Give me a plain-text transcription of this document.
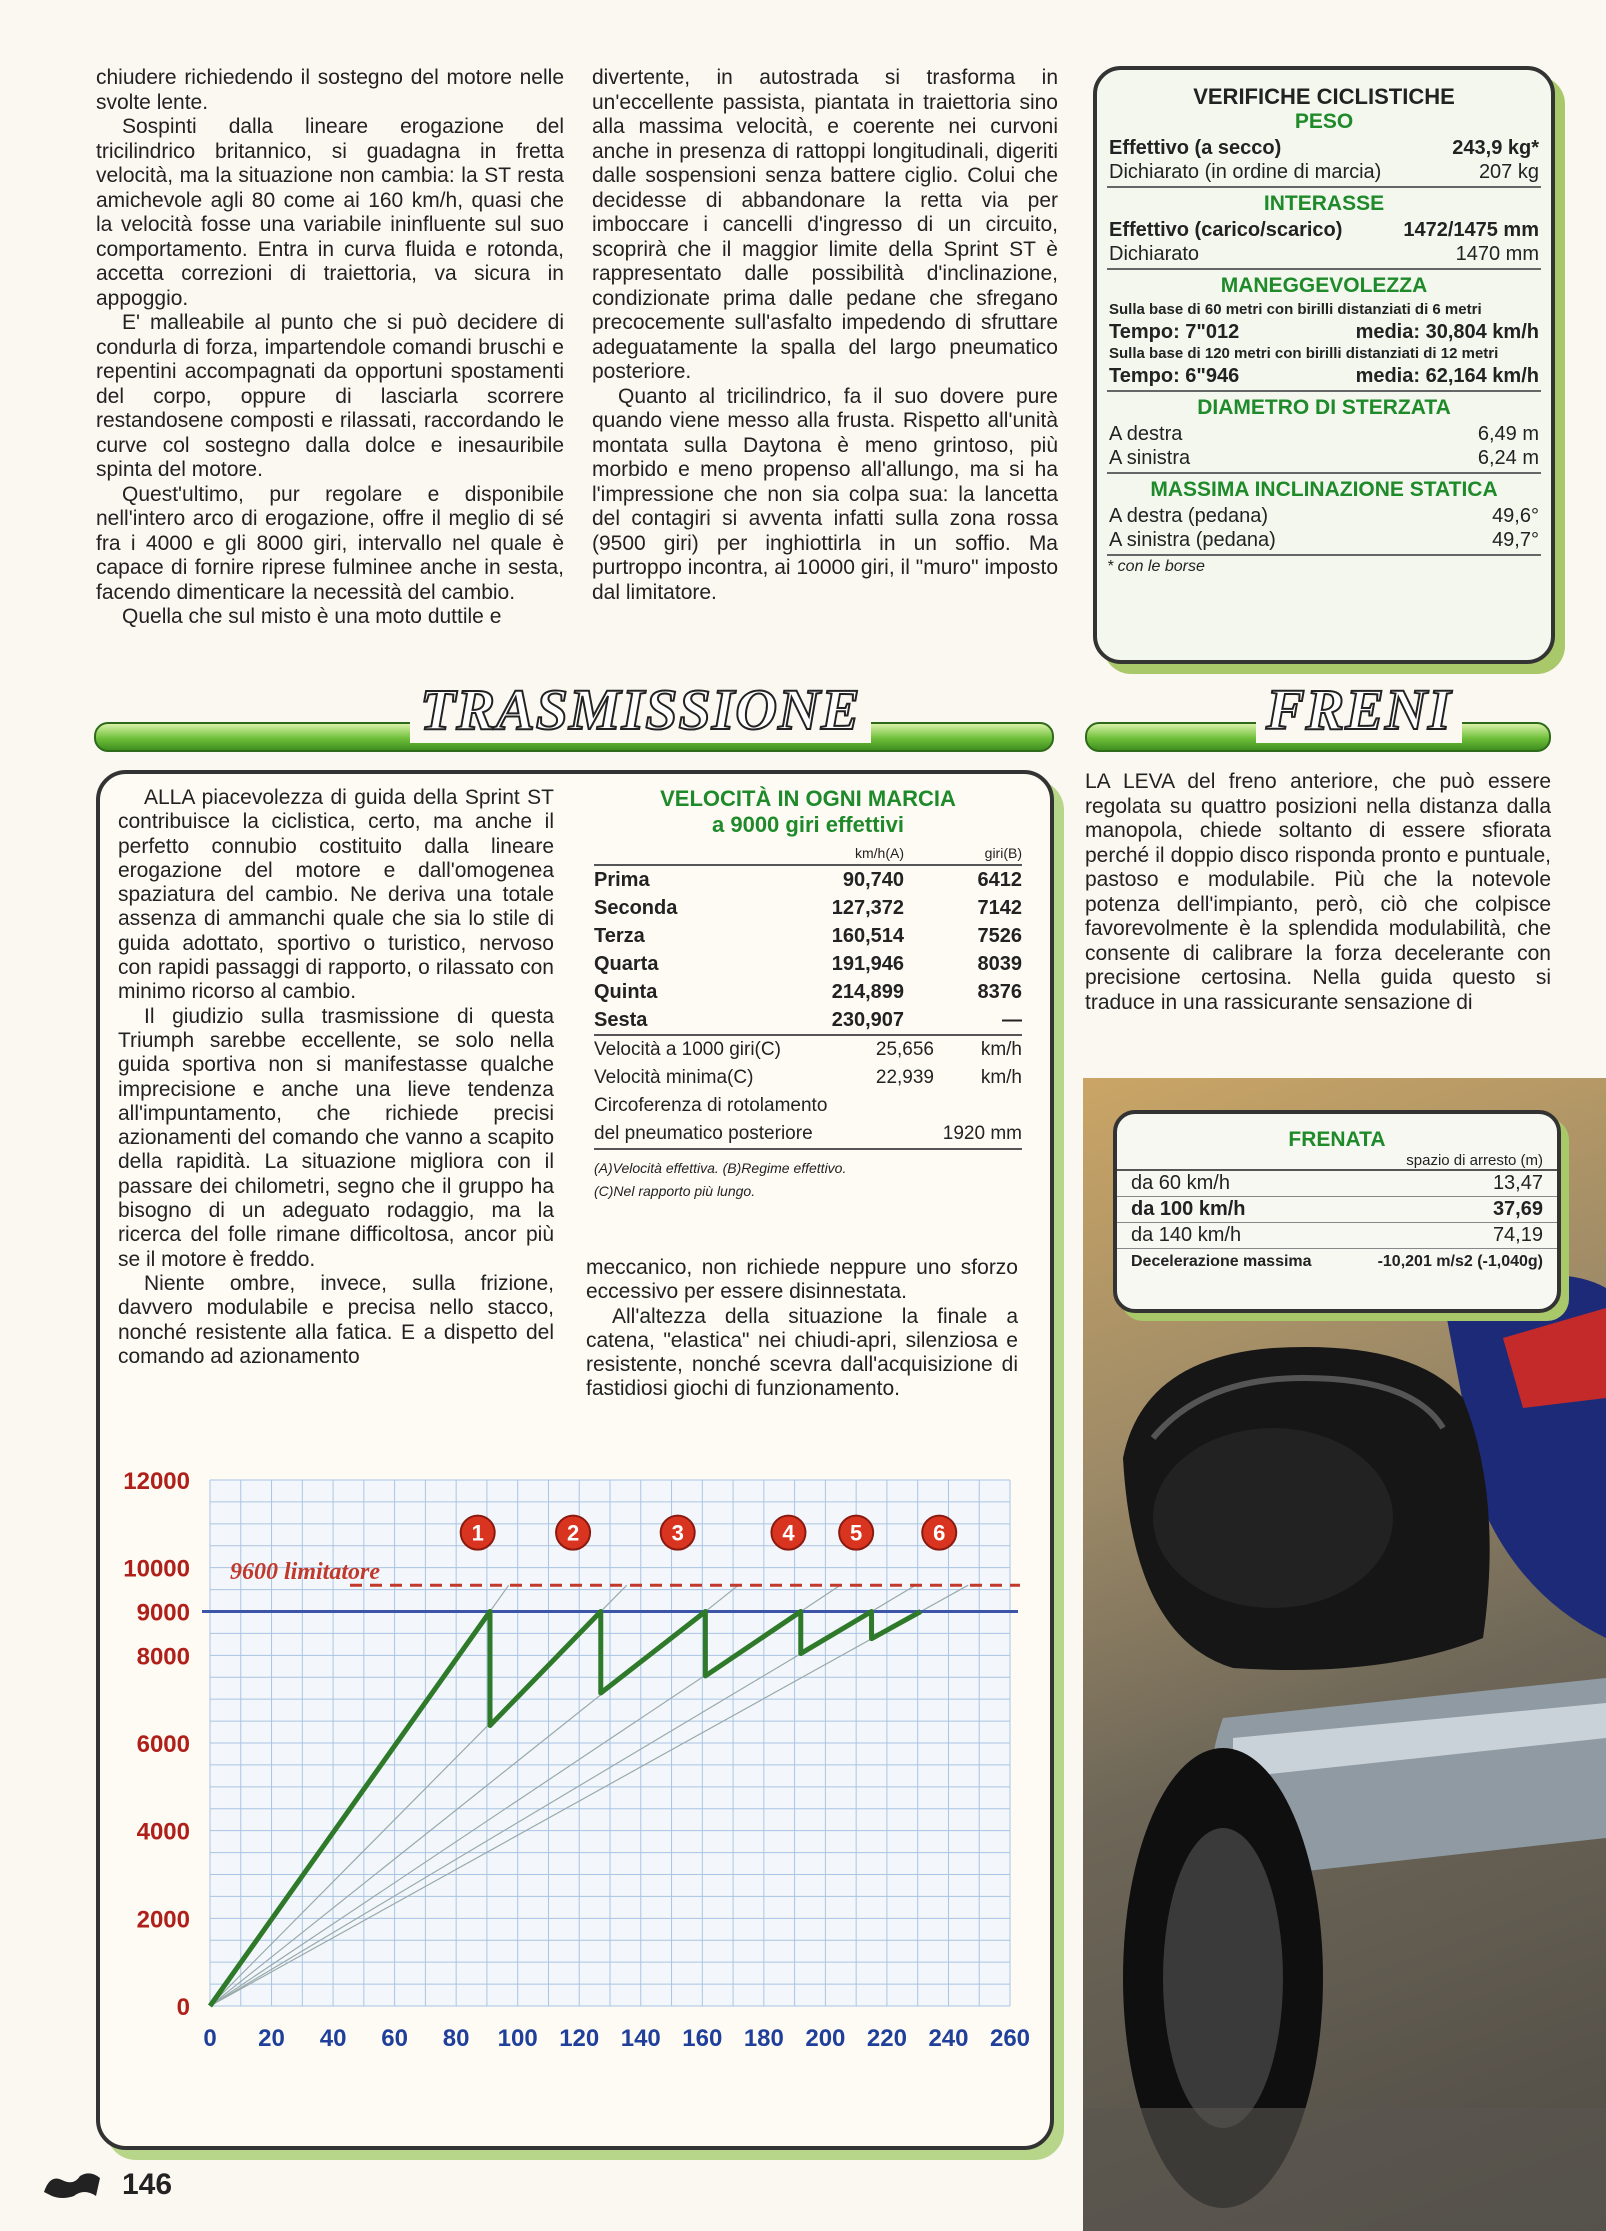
chiudere richiedendo il sostegno del motore nelle svolte lente.

Sospinti dalla lineare erogazione del tricilindrico britannico, si guadagna in fretta velocità, ma la situazione non cambia: la ST resta amichevole agli 80 come ai 160 km/h, quasi che la velocità fosse una variabile ininfluente sul suo comportamento. Entra in curva fluida e rotonda, accetta correzioni di traiettoria, va sicura in appoggio.

E' malleabile al punto che si può decidere di condurla di forza, impartendole comandi bruschi e repentini accompagnati da opportuni spostamenti del corpo, oppure di lasciarla scorrere restandosene composti e rilassati, raccordando le curve col sostegno dalla dolce e inesauribile spinta del motore.

Quest'ultimo, pur regolare e disponibile nell'intero arco di erogazione, offre il meglio di sé fra i 4000 e gli 8000 giri, intervallo nel quale è capace di fornire riprese fulminee anche in sesta, facendo dimenticare la necessità del cambio.

Quella che sul misto è una moto duttile e

divertente, in autostrada si trasforma in un'eccellente passista, piantata in traiettoria sino alla massima velocità, e coerente nei curvoni anche in presenza di rattoppi longitudinali, digeriti dalle sospensioni senza battere ciglio. Colui che decidesse di abbandonare la retta via per imboccare i cancelli d'ingresso di un circuito, scoprirà che il maggior limite della Sprint ST è rappresentato dalle possibilità d'inclinazione, condizionate prima dalle pedane che sfregano precocemente sull'asfalto impedendo di sfruttare adeguatamente la spalla del largo pneumatico posteriore.

Quanto al tricilindrico, fa il suo dovere pure quando viene messo alla frusta. Rispetto all'unità montata sulla Daytona è meno grintoso, più morbido e meno propenso all'allungo, ma si ha l'impressione che non sia colpa sua: la lancetta del contagiri si avventa infatti sulla zona rossa (9500 giri) per inghiottirla in un soffio. Ma purtroppo incontra, ai 10000 giri, il "muro" imposto dal limitatore.

VERIFICHE CICLISTICHE
PESO
Effettivo (a secco)	243,9 kg*
Dichiarato (in ordine di marcia)	207 kg
INTERASSE
Effettivo (carico/scarico)	1472/1475 mm
Dichiarato	1470 mm
MANEGGEVOLEZZA
Sulla base di 60 metri con birilli distanziati di 6 metri
Tempo: 7"012	media: 30,804 km/h
Sulla base di 120 metri con birilli distanziati di 12 metri
Tempo: 6"946	media: 62,164 km/h
DIAMETRO DI STERZATA
A destra	6,49 m
A sinistra	6,24 m
MASSIMA INCLINAZIONE STATICA
A destra (pedana)	49,6°
A sinistra (pedana)	49,7°
* con le borse
TRASMISSIONE	FRENI

ALLA piacevolezza di guida della Sprint ST contribuisce la ciclistica, certo, ma anche il perfetto connubio costituito dalla lineare erogazione del motore e dall'omogenea spaziatura del cambio. Ne deriva una totale assenza di ammanchi quale che sia lo stile di guida adottato, sportivo o turistico, nervoso con rapidi passaggi di rapporto, o rilassato con minimo ricorso al cambio.

Il giudizio sulla trasmissione di questa Triumph sarebbe eccellente, se solo nella guida sportiva non si manifestasse qualche imprecisione e anche una lieve tendenza all'impuntamento, che richiede precisi azionamenti del comando che vanno a scapito della rapidità. La situazione migliora con il passare dei chilometri, segno che il gruppo ha bisogno di un adeguato rodaggio, ma la ricerca del folle rimane difficoltosa, ancor più se il motore è freddo.

Niente ombre, invece, sulla frizione, davvero modulabile e precisa nello stacco, nonché resistente alla fatica. E a dispetto del comando ad azionamento

meccanico, non richiede neppure uno sforzo eccessivo per essere disinnestata.

All'altezza della situazione la finale a catena, "elastica" nei chiudi-apri, silenziosa e resistente, nonché scevra dall'acquisizione di fastidiosi giochi di funzionamento.

VELOCITÀ IN OGNI MARCIA
a 9000 giri effettivi
km/h(A)	giri(B)
Prima	90,740	6412
Seconda	127,372	7142
Terza	160,514	7526
Quarta	191,946	8039
Quinta	214,899	8376
Sesta	230,907	—
Velocità a 1000 giri(C)	25,656	km/h
Velocità minima(C)	22,939	km/h
Circoferenza di rotolamento
del pneumatico posteriore	1920 mm
(A)Velocità effettiva. (B)Regime effettivo.
(C)Nel rapporto più lungo.
9600 limitatore
1	2	3	4	5	6
0 20 40 60 80 100 120 140 160 180 200 220 240 260
0
2000
4000
6000
8000
9000
10000
12000

LA LEVA del freno anteriore, che può essere regolata su quattro posizioni nella distanza dalla manopola, chiede soltanto di essere sfiorata perché il doppio disco risponda pronto e puntuale, pastoso e modulabile. Più che la notevole potenza dell'impianto, però, ciò che colpisce favorevolmente è la splendida modulabilità, che consente di calibrare la forza decelerante con precisione certosina. Nella guida questo si traduce in una rassicurante sensazione di

FRENATA
spazio di arresto (m)
da 60 km/h	13,47
da 100 km/h	37,69
da 140 km/h	74,19
Decelerazione massima	-10,201 m/s2 (-1,040g)
146
